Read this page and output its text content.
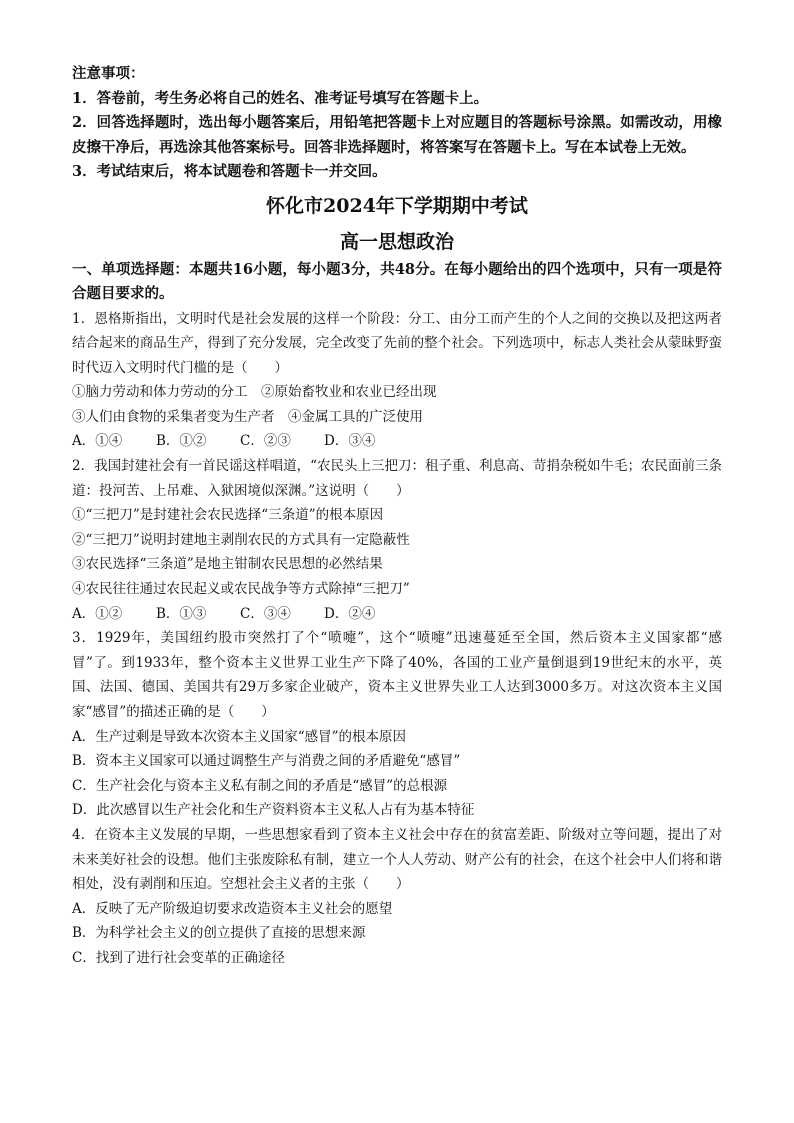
注意事项：

1．答卷前，考生务必将自己的姓名、准考证号填写在答题卡上。

2．回答选择题时，选出每小题答案后，用铅笔把答题卡上对应题目的答题标号涂黑。如需改动，用橡皮擦干净后，再选涂其他答案标号。回答非选择题时，将答案写在答题卡上。写在本试卷上无效。

3．考试结束后，将本试题卷和答题卡一并交回。

怀化市2024年下学期期中考试
高一思想政治

一、单项选择题：本题共16小题，每小题3分，共48分。在每小题给出的四个选项中，只有一项是符合题目要求的。

1．恩格斯指出，文明时代是社会发展的这样一个阶段：分工、由分工而产生的个人之间的交换以及把这两者结合起来的商品生产，得到了充分发展，完全改变了先前的整个社会。下列选项中，标志人类社会从蒙昧野蛮时代迈入文明时代门槛的是（　　）

①脑力劳动和体力劳动的分工　②原始畜牧业和农业已经出现

③人们由食物的采集者变为生产者　④金属工具的广泛使用

A．①④	B．①②	C．②③	D．③④

2．我国封建社会有一首民谣这样唱道，“农民头上三把刀：租子重、利息高、苛捐杂税如牛毛；农民面前三条道：投河苦、上吊难、入狱困境似深渊。”这说明（　　）

①“三把刀”是封建社会农民选择“三条道”的根本原因

②“三把刀”说明封建地主剥削农民的方式具有一定隐蔽性

③农民选择“三条道”是地主钳制农民思想的必然结果

④农民往往通过农民起义或农民战争等方式除掉“三把刀”

A．①②	B．①③	C．③④	D．②④

3．1929年，美国纽约股市突然打了个“喷嚏”，这个“喷嚏”迅速蔓延至全国，然后资本主义国家都“感冒”了。到1933年，整个资本主义世界工业生产下降了40%，各国的工业产量倒退到19世纪末的水平，英国、法国、德国、美国共有29万多家企业破产，资本主义世界失业工人达到3000多万。对这次资本主义国家“感冒”的描述正确的是（　　）

A．生产过剩是导致本次资本主义国家“感冒”的根本原因

B．资本主义国家可以通过调整生产与消费之间的矛盾避免“感冒”

C．生产社会化与资本主义私有制之间的矛盾是“感冒”的总根源

D．此次感冒以生产社会化和生产资料资本主义私人占有为基本特征

4．在资本主义发展的早期，一些思想家看到了资本主义社会中存在的贫富差距、阶级对立等问题，提出了对未来美好社会的设想。他们主张废除私有制，建立一个人人劳动、财产公有的社会，在这个社会中人们将和谐相处，没有剥削和压迫。空想社会主义者的主张（　　）

A．反映了无产阶级迫切要求改造资本主义社会的愿望

B．为科学社会主义的创立提供了直接的思想来源

C．找到了进行社会变革的正确途径
